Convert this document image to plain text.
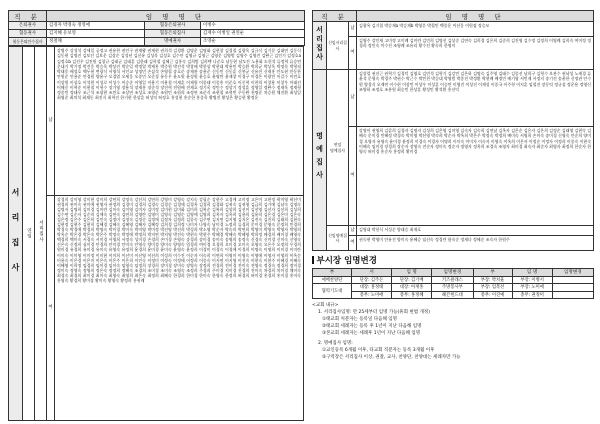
직 분	임 명 명 단		
은퇴권사	김경자 박경숙 정영애	협동은퇴권사	이병수
협동권사	김지혜 유보영	협동은퇴집사	김재수 이병일 권연순
협동은퇴안수집사	정철채	명예권사	조영순
서 리 집 사	연임	서리집사	남	강병주 강성석 강세일 공정고 권유찬 권인구 권재왕 권재현 권희석 김경환 김명운 김명화 김현창 김경철 김광욱 김규식 김기문 김대연 김동식 김동현 김명진 김보건 김보운 김상순 김성년 김선유 김성목 김성호 김수안 김영규 김영근 김영문 김영범 김영주 김영진 김완근 김인기 김정호a 김정호b 김진우 김진원 김창규 김태균 김태훈 김한래 김학철 김혜근 김홍숙 김희범 김희택 나준호 남동현 남도진 노용화 도헌석 류정혁 류승연 문대기 박기정 박건웅 박승욱 박상진 박순일 박정열 박재홍 박중원 박진석 박창배 박한상 박현대 박용민 박승환 박희균 박상욱 박정목 박형직 박태웅 배성호 백두현 변광식 서영석 서인교 성정민 손삼석 손영철 송호준 송재관 송용준 신동민 신동훈 신봉균 신유진 신재홍 안도현 안동찬 안원준 안용준 안경원 양윤구 오경열 오세웅 오종민 오준경 유동우 윤도원 윤성원 윤승호 윤영만 윤재창 이경구 이경은 이광민 이길수 이민호 이상원 이상호 이석원 이성로 이성수 이승준 이영일 이용기 이용철 이재훈 이제원 이종태 이종홍 이준호 이중혁 이찬희 이창용 이창우 이태선 이해중 이혁준 이현철 이형수 장기영 장용석 장재홍 장준석 장진혁 전원배 전재호 정기욱 정민수 정상기 정성훈 정영일 정완수 정재욱 정재형 정종민 정태우 조근석 조광현 조민호 조상연 조성호 조영준 조원민 조원희 조정연 조준식 조현철 조형빈 주동완 천명준 차승원 채진환 최성일 최영준 최의석 최재동 최진식 최혁진 한기현 한상훈 허성익 허정호 홍성현 홍순한 홍종욱 황병진 황성은 황승현 황정운

			여	강경희 강미영 강미현 강미희 강연희 강정숙 강선희 강연희 강영미 강영숙 강지숙 강필순 강현주 고경애 고미정 고은미 고현정 곽미영 곽선미 권경희 권미숙 권미애 권영자 권정희 김경미 김경희 김경숙 김경순 김경애 김경옥 김경희 김경화 김귀숙 김귀영 김금희 김기애 김남숙 김명숙 김명자 김명희 김미경 김미란 김미숙 김미영 김미자 김미정 김미현 김미화 김미희 김복순 김복희 김상희 김선미 김선영 김선자 김선희 김성희 김수연 김순자 김순희 김애숙 김연숙 김연희 김영란 김영미 김영숙 김영순 김영애 김영희 김옥자 김옥희 김용희 김윤희 김은경 김은미 김은숙 김은정 김은주 김은희 김인숙 김정미 김정숙 김정순 김정애 김정자 김정희 김종숙 김주연 김지연 김지영 김지은 김진숙 김진희 김태희 김현숙 김현정 김현주 김현희 김혜경 김혜숙 김혜영 김혜자 김혜정 김희경 김희정 나미자 나영숙 남미경 노정희 류경희 문미경 문영숙 문정희 민경희 박경숙 박경애 박경희 박명숙 박미경 박미숙 박미영 박미정 박선영 박선희 박성희 박소영 박순자 박숙희 박연희 박영미 박영숙 박영자 박영희 박옥순 박은경 박은숙 박은주 박정숙 박정애 박정희 박지연 박지영 박진숙 박현숙 박현주 박혜경 박혜숙 박혜영 박희정 배경희 배미경 배영숙 백경희 백미숙 서경숙 서미경 서영희 서정숙 성미경 손경희 손미경 손영숙 송경희 송미경 송미숙 송영희 송정숙 신경숙 신미경 신미숙 신영숙 신은숙 신정희 심미경 안경희 안미경 안미숙 안영숙 양미경 양미숙 양영숙 엄경희 여미경 오경희 오미경 오미숙 오영숙 오은주 오정희 우경희 원미경 유경희 유미경 유미숙 유영숙 유정희 윤경희 윤미경 윤미숙 윤영숙 윤정희 이경미 이경숙 이경애 이경희 이명숙 이명희 이미경 이미란 이미숙 이미영 이미정 이미현 이미희 이선미 이선영 이선희 이성희 이수진 이순자 이숙희 이연희 이영미 이영숙 이영애 이영자 이영희 이옥순 이용숙 이은경 이은미 이은숙 이은주 이은희 이인숙 이정미 이정숙 이정애 이정희 이종숙 이지연 이지영 이진숙 이현숙 이현주 이혜경 이혜숙 이혜영 이희정 임경희 임미경 임미숙 임영숙 임정희 장경희 장미경 장미숙 장영숙 장정희 전경희 전미경 전미숙 전영숙 정경숙 정경희 정미경 정미숙 정영숙 정영희 정은숙 정정희 정혜숙 조경희 조미경 조미숙 조영숙 조정희 주경희 주미경 지미경 진경희 진미숙 차경희 차미경 채미숙 최경숙 최경희 최미경 최미숙 최영숙 최영희 최은숙 최정희 최혜숙 한경희 한미경 한미숙 한영숙 한정희 허경희 허미경 홍경희 홍미경 홍미숙 홍영숙 황경희 황미경 황미숙 황영숙 황정희 홍귀례
직 분			임 명 명 단
서리집사	신임서리집사	남	김광옥 김기철 박승재a 박승재b 박영문 박철민 백종운 이선웅 이원겸 정승모

		여	김영주 강인재 고미정 고미례 김미란 김민희 김명선 김상순 김연숙 김희경 김은희 김준희 김진영 김수정 김정희 이영례 김희숙 여미정 정경희 정인숙 이수진 조영례 조유리 황수선 황숙희 한영미

명예집사	연임
명예집사	남	김상렬 권선근 권혁기 김경덕 김영호 김민석 김형기 김강민 김은하 김명숙 김주영 김태수 김종선 남희구 김형수 오관수 권낙성 노재경 류윤석 문영숙 박경주 박권수 박근수 박민천 박승대 박영범 박종진 박정환 박현배 배정민 배기영 서민재 서정지 송기진 송윤한 신정관 안수원 양경식 오재연 이수현 이상민 이상우 이성훈 이승만 이영진 이성진 이재성 이종국 이주형 이지훈 임철진 장동익 정규섭 정운용 정영신 조양하 조정호 조흥원 최승민 한상훈 황성민 황석환 홍선덕

		여	강영이 권영희 김갑희 김경자 김명자 김성희 김은영 김미영 김숙자 김숙희 김연남 김옥자 김은순 김은자 김은희 김정순 김태영 김현숙 김혜숙 문미경 민혜정 박경숙 박미영 박선영 박숙희 박순자 박옥희 박은주 박정숙 박정희 배미숙 서영희 손미숙 송미경 신영숙 안순희 양미경 오영자 유영숙 윤미경 윤정희 이경숙 이경자 이명희 이미숙 이미자 이숙자 이영숙 이옥희 이은자 이정순 이정자 이정희 이종숙 이현숙 이혜숙 임미경 장경희 장순자 장영숙 전순자 정미숙 정순자 정영자 정옥희 조경숙 조영자 최미경 최숙자 최순자 최영자 최정희 한순자 한영숙 허미경 홍순자 홍정희 황미경

	신임명예집사	남	김영대 박헌식 서성순 양태승 최재호

		여	권숙현 박영미 안유진 양미숙 윤혜승 임선숙 정경란 함숙순 정재다 정혜순 조숙자 한원주
부시장 임명변경
부	서	임 명	임명변경	부	임 명	임명변경
예배찬양단	단장: 김주돈	단장: 김기배	키즈클래스	부장: 박치율	부장: 이병서	
협력기도대	대장: 홍정태	대장: 아재홍	주방봉사부	부장: 엄복선	부장: 노미애	
	총무: 노미애	총무: 홍정혜	헤븐헌드대	총무: 이진예	총무: 권정미	
<교회 내규>
1. 서리집사임명: 만 25세부터 임명 가능(휴회 현법 개정)
①태교회 처분자는 등록일 다음해 임명
②태교회 세례자는 등록 후 1년이 지난 다음해 임명
③본교회 세례자는 세례후 1년이 지난 다음해 임명
2. 명예집사 임명:
①교인등록 6개월 이후, 타교회 직분자는 등록 3개월 이후
②구역장은 서리집사 이상, 권찰, 교사, 찬양단, 찬양대는 세례자만 가능
